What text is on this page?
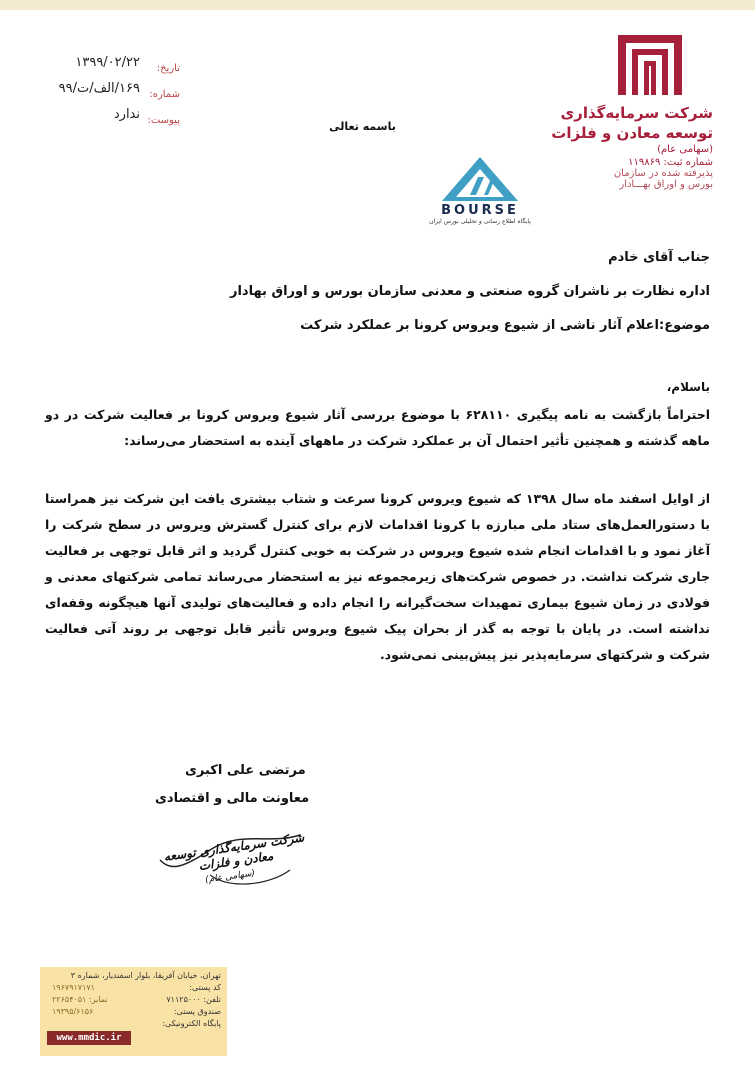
۱۳۹۹/۰۲/۲۲ تاریخ:
۱۶۹/الف/ت/۹۹ شماره:
ندارد پیوست:	شرکت سرمایه‌گذاری
توسعه معادن و فلزات
(سهامی عام)
شماره ثبت: ۱۱۹۸۶۹
پذیرفته شده در سازمان
بورس و اوراق بهـــادار
باسمه تعالی
BOURSE
پایگاه اطلاع رسانی و تحلیلی بورس ایران
جناب آقای خادم
اداره نظارت بر ناشران گروه صنعتی و معدنی سازمان بورس و اوراق بهادار
موضوع:اعلام آثار ناشی از شیوع ویروس کرونا بر عملکرد شرکت
باسلام،
احتراماً بازگشت به نامه پیگیری ۶۲۸۱۱۰ با موضوع بررسی آثار شیوع ویروس کرونا بر فعالیت شرکت در دو ماهه گذشته و همچنین تأثیر احتمال آن بر عملکرد شرکت در ماههای آینده به استحضار می‌رساند:
از اوایل اسفند ماه سال ۱۳۹۸ که شیوع ویروس کرونا سرعت و شتاب بیشتری یافت این شرکت نیز همراستا با دستورالعمل‌های ستاد ملی مبارزه با کرونا اقدامات لازم برای کنترل گسترش ویروس در سطح شرکت را آغاز نمود و با اقدامات انجام شده شیوع ویروس در شرکت به خوبی کنترل گردید و اثر قابل توجهی بر فعالیت جاری شرکت نداشت. در خصوص شرکت‌های زیرمجموعه نیز به استحضار می‌رساند تمامی شرکتهای معدنی و فولادی در زمان شیوع بیماری تمهیدات سخت‌گیرانه را انجام داده و فعالیت‌های تولیدی آنها هیچگونه وقفه‌ای نداشته است. در پایان با توجه به گذر از بحران پیک شیوع ویروس تأثیر قابل توجهی بر روند آتی فعالیت شرکت و شرکتهای سرمایه‌پذیر نیز پیش‌بینی نمی‌شود.
مرتضی علی اکبری
معاونت مالی و اقتصادی
شرکت سرمایه‌گذاری توسعه معادن و فلزات
(سهامی عام)
تهران، خیابان آفریقا، بلوار اسفندیار، شماره ۳
کد پستی:
۱۹۶۷۹۱۷۱۷۱
تلفن: ۷۱۱۲۵۰۰۰
نمابر: ۲۲۶۵۴۰۵۱
صندوق پستی:
۱۹۳۹۵/۶۱۵۶
پایگاه الکترونیکی:
www.mmdic.ir
